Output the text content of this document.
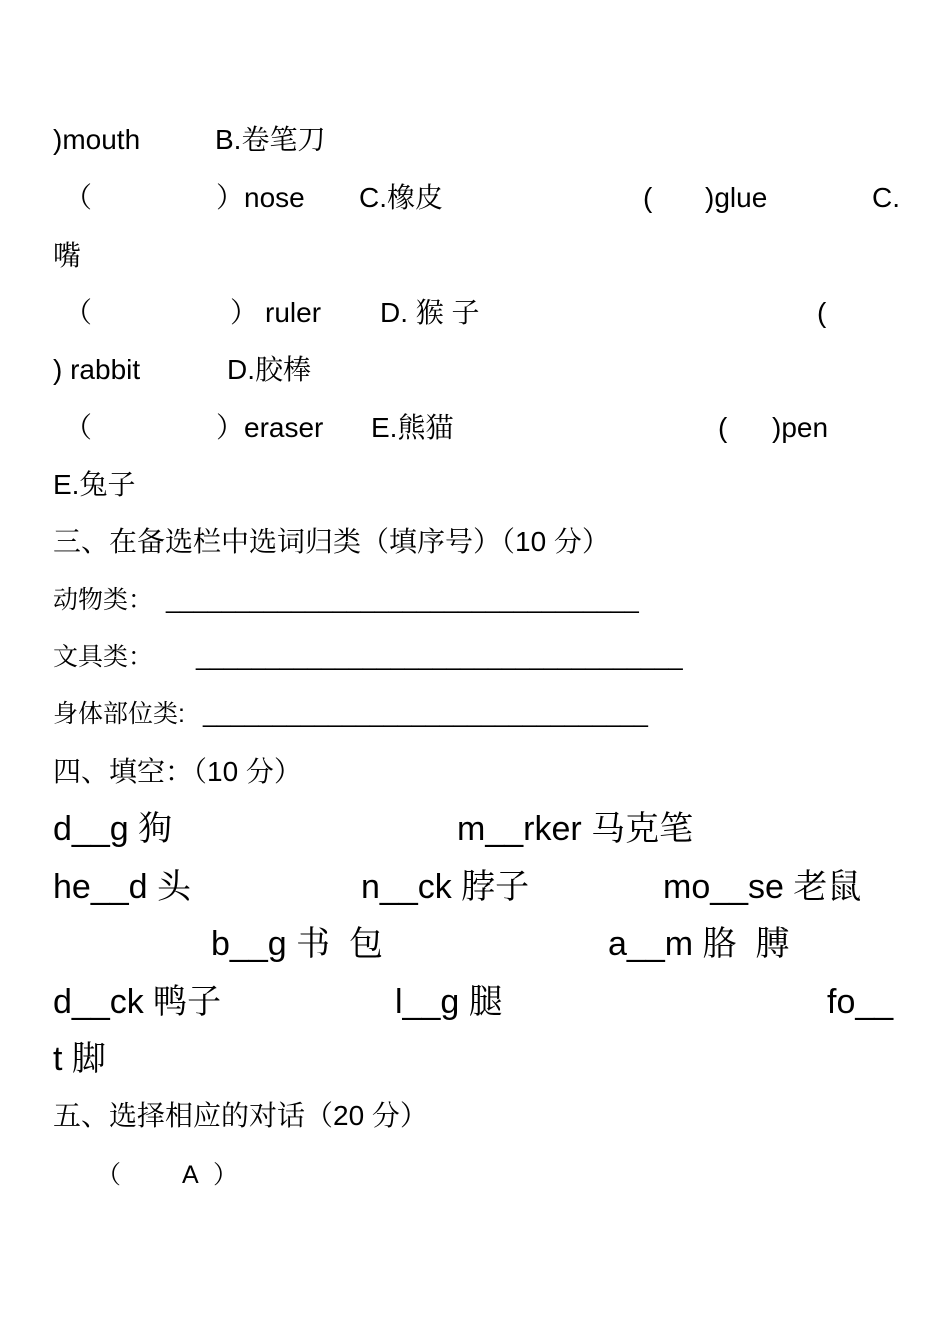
)mouth	B.卷笔刀
（	）nose C.橡皮	( )glue	C.
嘴
（	） ruler D. 猴 子	(
) rabbit	D.胶棒
（	）eraser E.熊猫	( )pen
E.兔子
三、在备选栏中选词归类（填序号）（10 分）
动物类： __________________________________
文具类： ___________________________________
身体部位类: ________________________________
四、填空：（10 分）
d__g 狗	m__rker 马克笔
he__d 头	n__ck 脖子	mo__se 老鼠
b__g 书  包	a__m 胳  膊
d__ck 鸭子	l__g 腿	fo__
t 脚
五、选择相应的对话（20 分）
（ A ）
